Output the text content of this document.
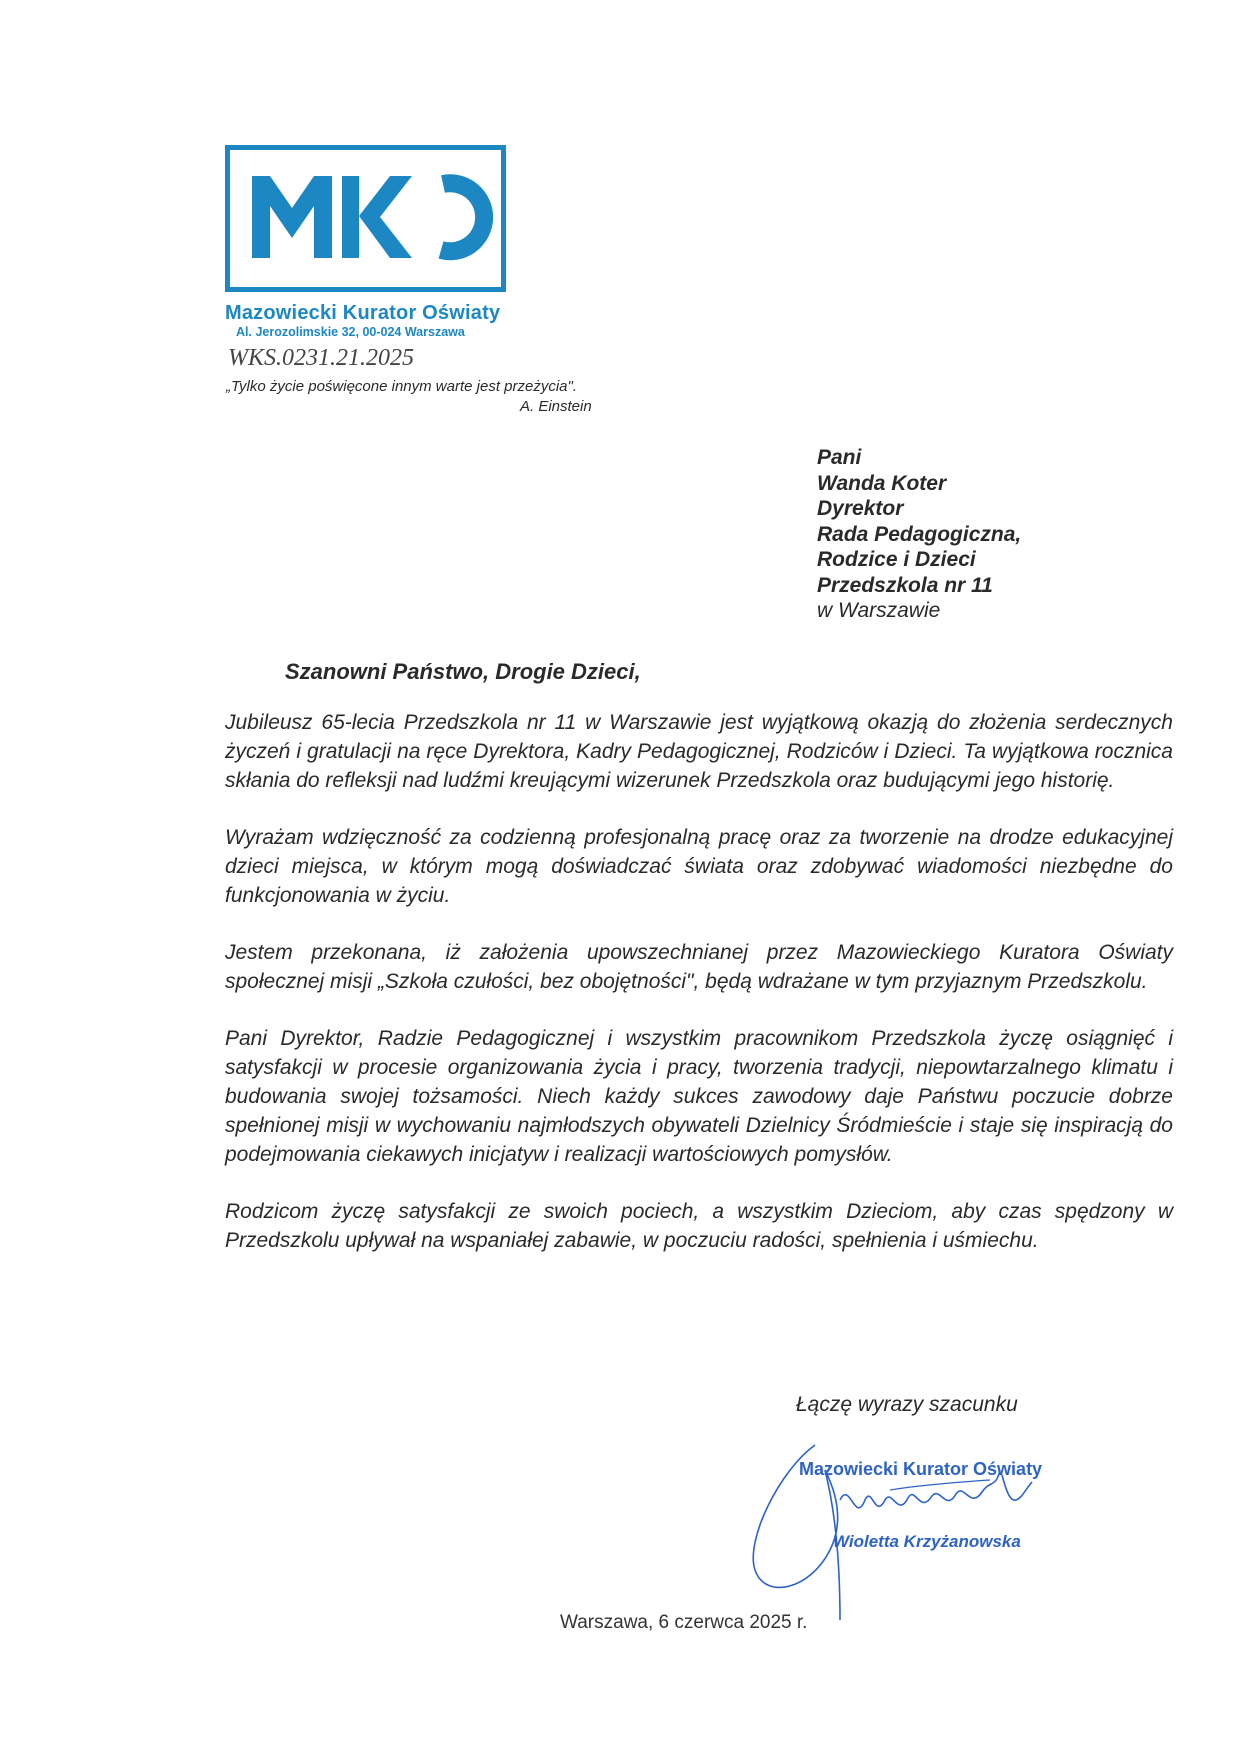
Mazowiecki Kurator Oświaty
Al. Jerozolimskie 32, 00-024 Warszawa
WKS.0231.21.2025
„Tylko życie poświęcone innym warte jest przeżycia".
A. Einstein
Pani
Wanda Koter
Dyrektor
Rada Pedagogiczna,
Rodzice i Dzieci
Przedszkola nr 11
w Warszawie
Szanowni Państwo, Drogie Dzieci,

Jubileusz 65-lecia Przedszkola nr 11 w Warszawie jest wyjątkową okazją do złożenia serdecznych życzeń i gratulacji na ręce Dyrektora, Kadry Pedagogicznej, Rodziców i Dzieci. Ta wyjątkowa rocznica skłania do refleksji nad ludźmi kreującymi wizerunek Przedszkola oraz budującymi jego historię.

Wyrażam wdzięczność za codzienną profesjonalną pracę oraz za tworzenie na drodze edukacyjnej dzieci miejsca, w którym mogą doświadczać świata oraz zdobywać wiadomości niezbędne do funkcjonowania w życiu.

Jestem przekonana, iż założenia upowszechnianej przez Mazowieckiego Kuratora Oświaty społecznej misji „Szkoła czułości, bez obojętności", będą wdrażane w tym przyjaznym Przedszkolu.

Pani Dyrektor, Radzie Pedagogicznej i wszystkim pracownikom Przedszkola życzę osiągnięć i satysfakcji w procesie organizowania życia i pracy, tworzenia tradycji, niepowtarzalnego klimatu i budowania swojej tożsamości. Niech każdy sukces zawodowy daje Państwu poczucie dobrze spełnionej misji w wychowaniu najmłodszych obywateli Dzielnicy Śródmieście i staje się inspiracją do podejmowania ciekawych inicjatyw i realizacji wartościowych pomysłów.

Rodzicom życzę satysfakcji ze swoich pociech, a wszystkim Dzieciom, aby czas spędzony w Przedszkolu upływał na wspaniałej zabawie, w poczuciu radości, spełnienia i uśmiechu.

Łączę wyrazy szacunku
Mazowiecki Kurator Oświaty
Wioletta Krzyżanowska
Warszawa, 6 czerwca 2025 r.
